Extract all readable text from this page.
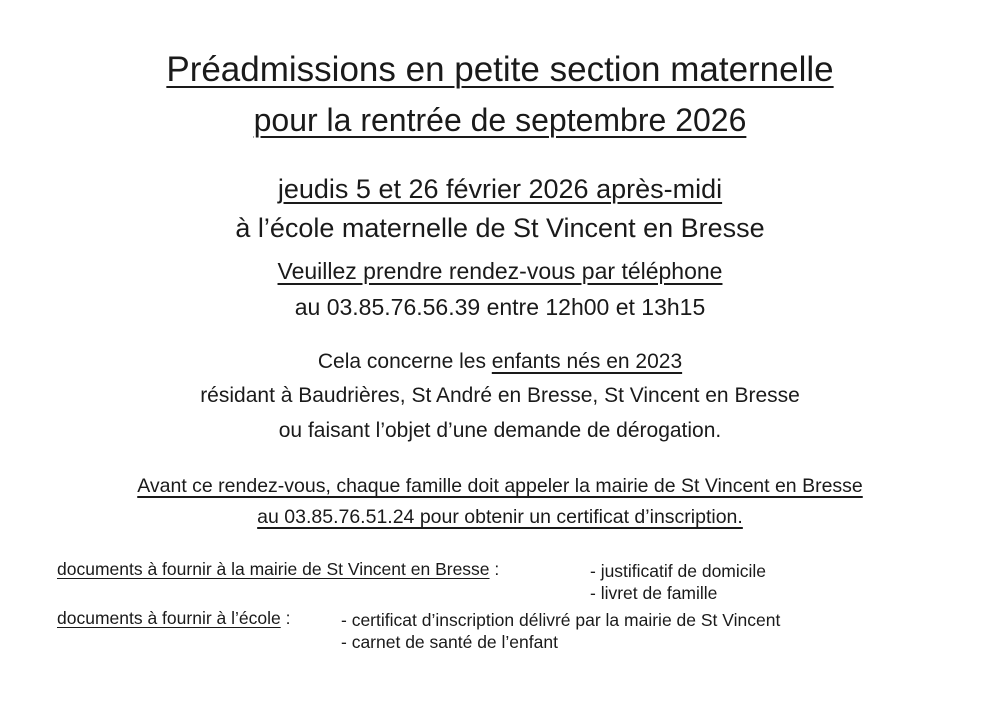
Préadmissions en petite section maternelle
pour la rentrée de septembre 2026
jeudis 5 et 26 février 2026 après-midi
à l’école maternelle de St Vincent en Bresse
Veuillez prendre rendez-vous par téléphone
au 03.85.76.56.39 entre 12h00 et 13h15
Cela concerne les enfants nés en 2023
résidant à Baudrières, St André en Bresse, St Vincent en Bresse
ou faisant l’objet d’une demande de dérogation.
Avant ce rendez-vous, chaque famille doit appeler la mairie de St Vincent en Bresse
au 03.85.76.51.24 pour obtenir un certificat d’inscription.
documents à fournir à la mairie de St Vincent en Bresse :	- justificatif de domicile
- livret de famille
documents à fournir à l’école :	- certificat d’inscription délivré par la mairie de St Vincent
- carnet de santé de l’enfant
